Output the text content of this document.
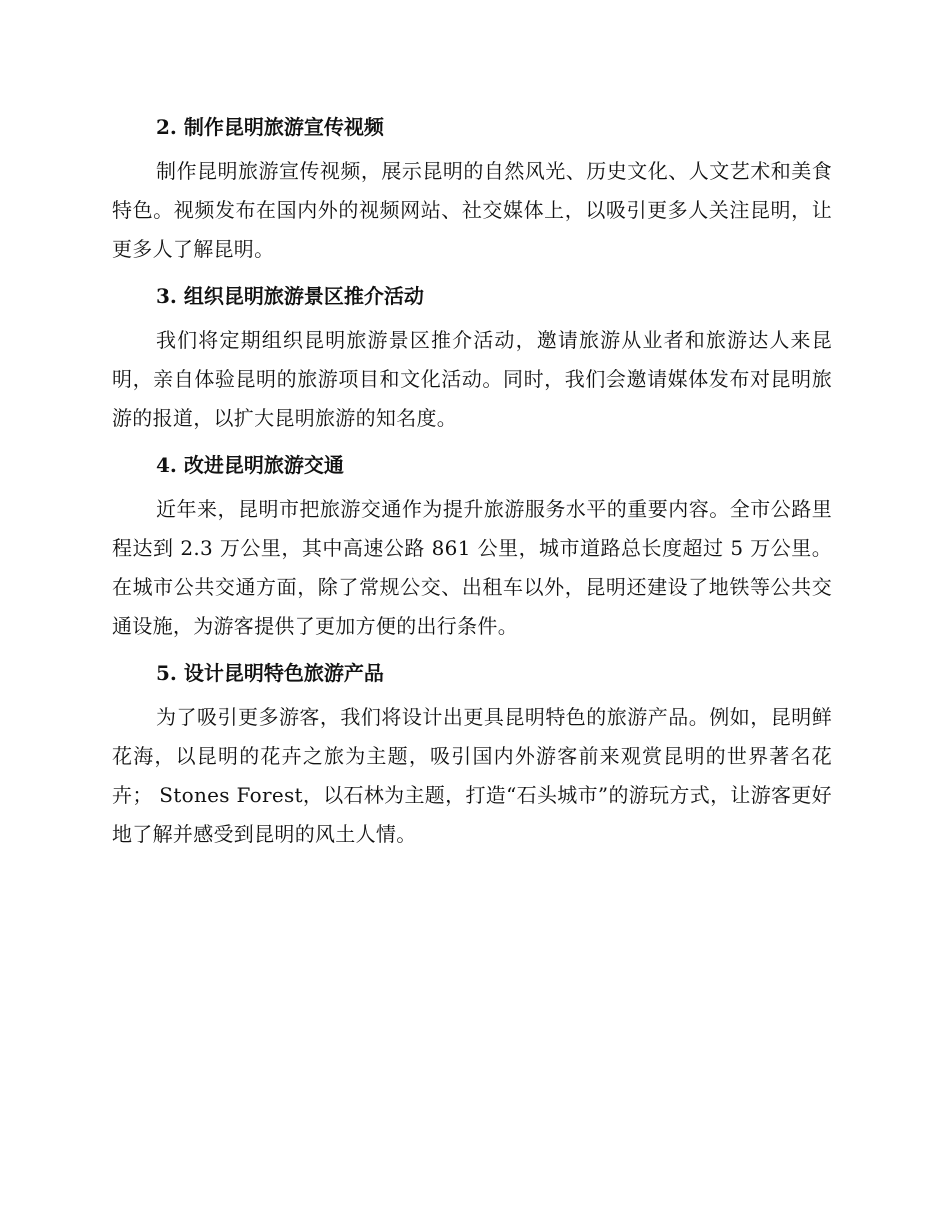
2. 制作昆明旅游宣传视频

制作昆明旅游宣传视频，展示昆明的自然风光、历史文化、人文艺术和美食特色。视频发布在国内外的视频网站、社交媒体上，以吸引更多人关注昆明，让更多人了解昆明。

3. 组织昆明旅游景区推介活动

我们将定期组织昆明旅游景区推介活动，邀请旅游从业者和旅游达人来昆明，亲自体验昆明的旅游项目和文化活动。同时，我们会邀请媒体发布对昆明旅游的报道，以扩大昆明旅游的知名度。

4. 改进昆明旅游交通

近年来，昆明市把旅游交通作为提升旅游服务水平的重要内容。全市公路里程达到 2.3 万公里，其中高速公路 861 公里，城市道路总长度超过 5 万公里。在城市公共交通方面，除了常规公交、出租车以外，昆明还建设了地铁等公共交通设施，为游客提供了更加方便的出行条件。

5. 设计昆明特色旅游产品

为了吸引更多游客，我们将设计出更具昆明特色的旅游产品。例如，昆明鲜花海，以昆明的花卉之旅为主题，吸引国内外游客前来观赏昆明的世界著名花卉； Stones Forest，以石林为主题，打造“石头城市”的游玩方式，让游客更好地了解并感受到昆明的风土人情。
